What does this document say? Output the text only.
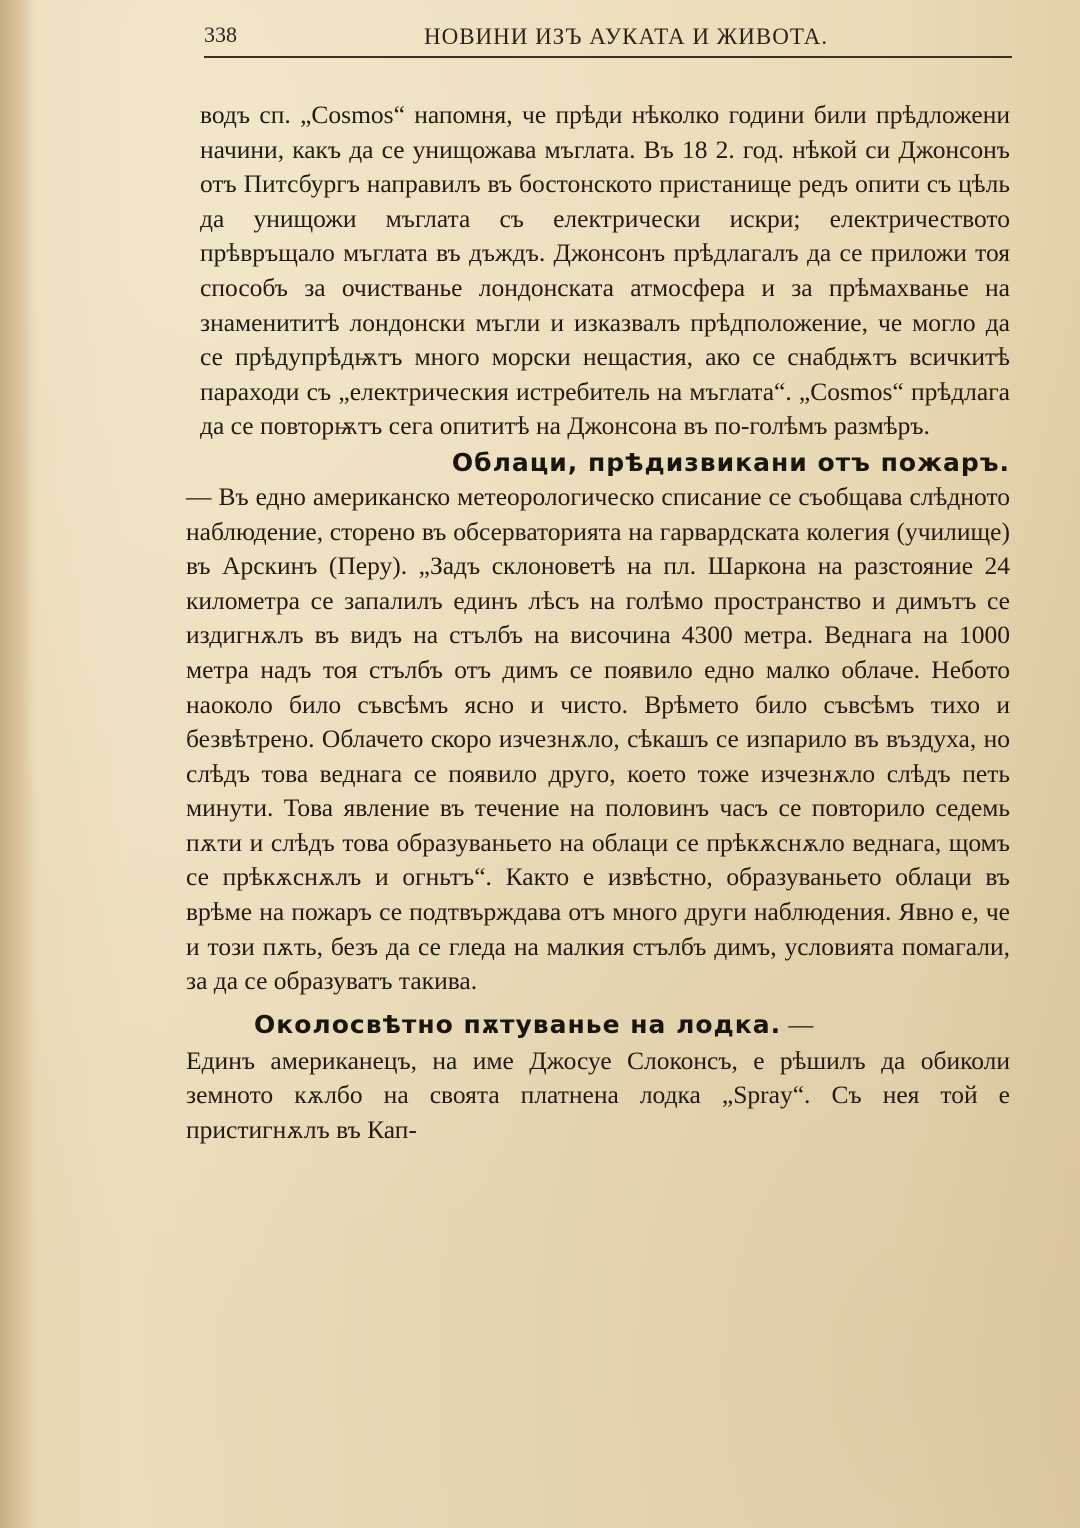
338	НОВИНИ ИЗЪ АУКАТА И ЖИВОТА.

водъ сп. „Cosmos“ напомня, че прѣди нѣколко години били прѣдложени начини, какъ да се унищожава мъглата. Въ 18 2. год. нѣкой си Джонсонъ отъ Питсбургъ направилъ въ бостонското пристанище редъ опити съ цѣль да унищожи мъглата съ електрически искри; електричеството прѣвръщало мъглата въ дъждъ. Джонсонъ прѣдлагалъ да се приложи тоя способъ за очистванье лондонската атмосфера и за прѣмахванье на знаменититѣ лондонски мъгли и изказвалъ прѣдположение, че могло да се прѣдупрѣдѭтъ много морски нещастия, ако се снабдѭтъ всичкитѣ параходи съ „електрическия истребитель на мъглата“. „Cosmos“ прѣдлага да се повторѭтъ сега опититѣ на Джонсона въ по-голѣмъ размѣръ.

Облаци, прѣдизвикани отъ пожаръ.

— Въ едно американско метеорологическо списание се съобщава слѣдното наблюдение, сторено въ обсерваторията на гарвардската колегия (училище) въ Арскинъ (Перу). „Задъ склоноветѣ на пл. Шаркона на разстояние 24 километра се запалилъ единъ лѣсъ на голѣмо пространство и димътъ се издигнѫлъ въ видъ на стълбъ на височина 4300 метра. Веднага на 1000 метра надъ тоя стълбъ отъ димъ се появило едно малко облаче. Небото наоколо било съвсѣмъ ясно и чисто. Врѣмето било съвсѣмъ тихо и безвѣтрено. Облачето скоро изчезнѫло, сѣкашъ се изпарило въ въздуха, но слѣдъ това веднага се появило друго, което тоже изчезнѫло слѣдъ петь минути. Това явление въ течение на половинъ часъ се повторило седемь пѫти и слѣдъ това образуваньето на облаци се прѣкѫснѫло веднага, щомъ се прѣкѫснѫлъ и огньтъ“. Както е извѣстно, образуваньето облаци въ врѣме на пожаръ се подтвърждава отъ много други наблюдения. Явно е, че и този пѫть, безъ да се гледа на малкия стълбъ димъ, условията помагали, за да се образуватъ такива.

Околосвѣтно пѫтуванье на лодка. —

Единъ американецъ, на име Джосуе Слоконсъ, е рѣшилъ да обиколи земното кѫлбо на своята платнена лодка „Spray“. Съ нея той е пристигнѫлъ въ Кап-
